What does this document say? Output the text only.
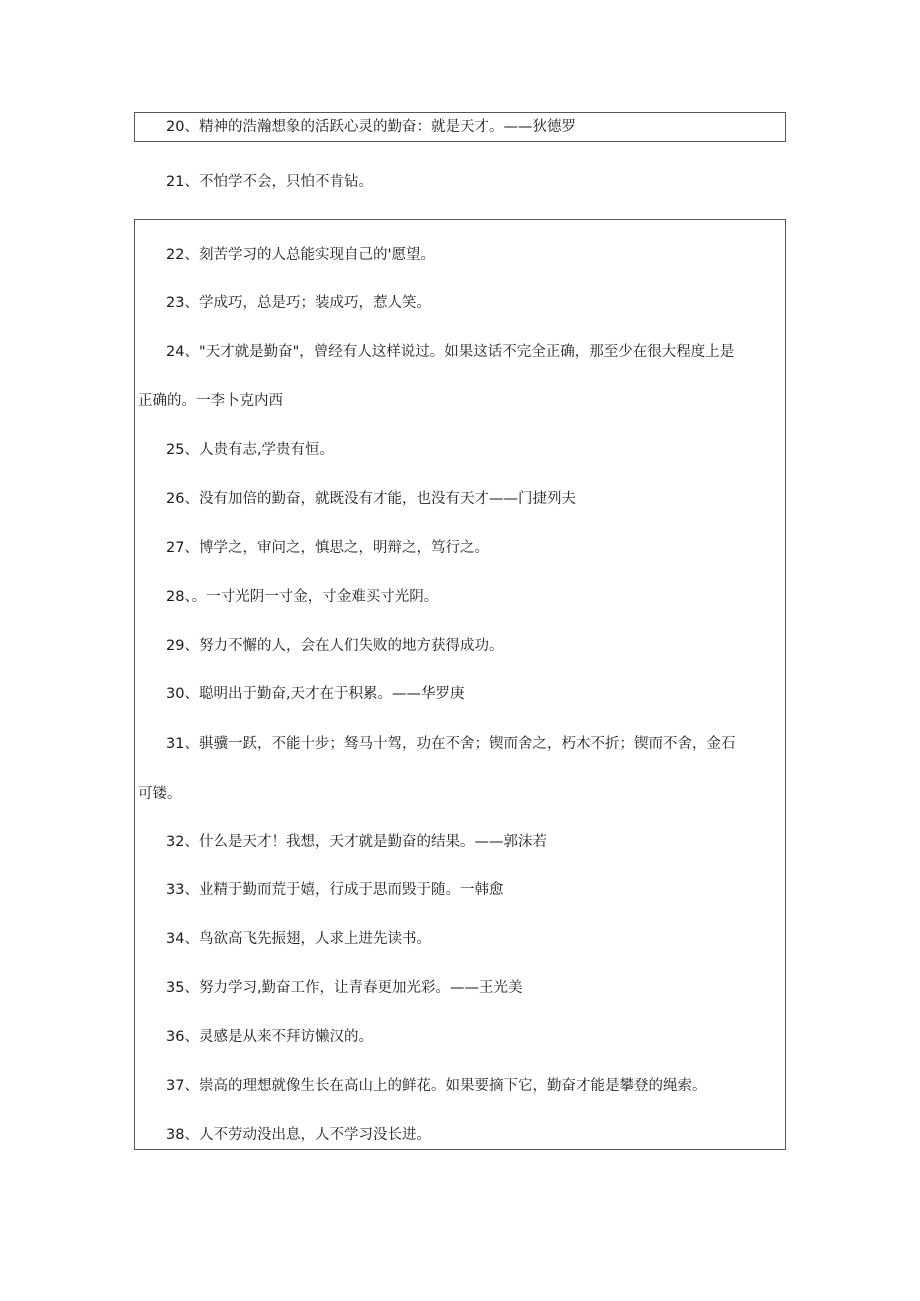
20、精神的浩瀚想象的活跃心灵的勤奋：就是天才。——狄德罗
21、不怕学不会，只怕不肯钻。
22、刻苦学习的人总能实现自己的'愿望。
23、学成巧，总是巧；装成巧，惹人笑。
24、"天才就是勤奋"，曾经有人这样说过。如果这话不完全正确，那至少在很大程度上是
正确的。一李卜克内西
25、人贵有志,学贵有恒。
26、没有加倍的勤奋，就既没有才能，也没有天才——门捷列夫
27、博学之，审问之，慎思之，明辩之，笃行之。
28、。一寸光阴一寸金，寸金难买寸光阴。
29、努力不懈的人，会在人们失败的地方获得成功。
30、聪明出于勤奋,天才在于积累。——华罗庚
31、骐骥一跃，不能十步；驽马十驾，功在不舍；锲而舍之，朽木不折；锲而不舍，金石
可镂。
32、什么是天才！我想，天才就是勤奋的结果。——郭沫若
33、业精于勤而荒于嬉，行成于思而毁于随。一韩愈
34、鸟欲高飞先振翅，人求上进先读书。
35、努力学习,勤奋工作，让青春更加光彩。——王光美
36、灵感是从来不拜访懒汉的。
37、崇高的理想就像生长在高山上的鲜花。如果要摘下它，勤奋才能是攀登的绳索。
38、人不劳动没出息，人不学习没长进。
